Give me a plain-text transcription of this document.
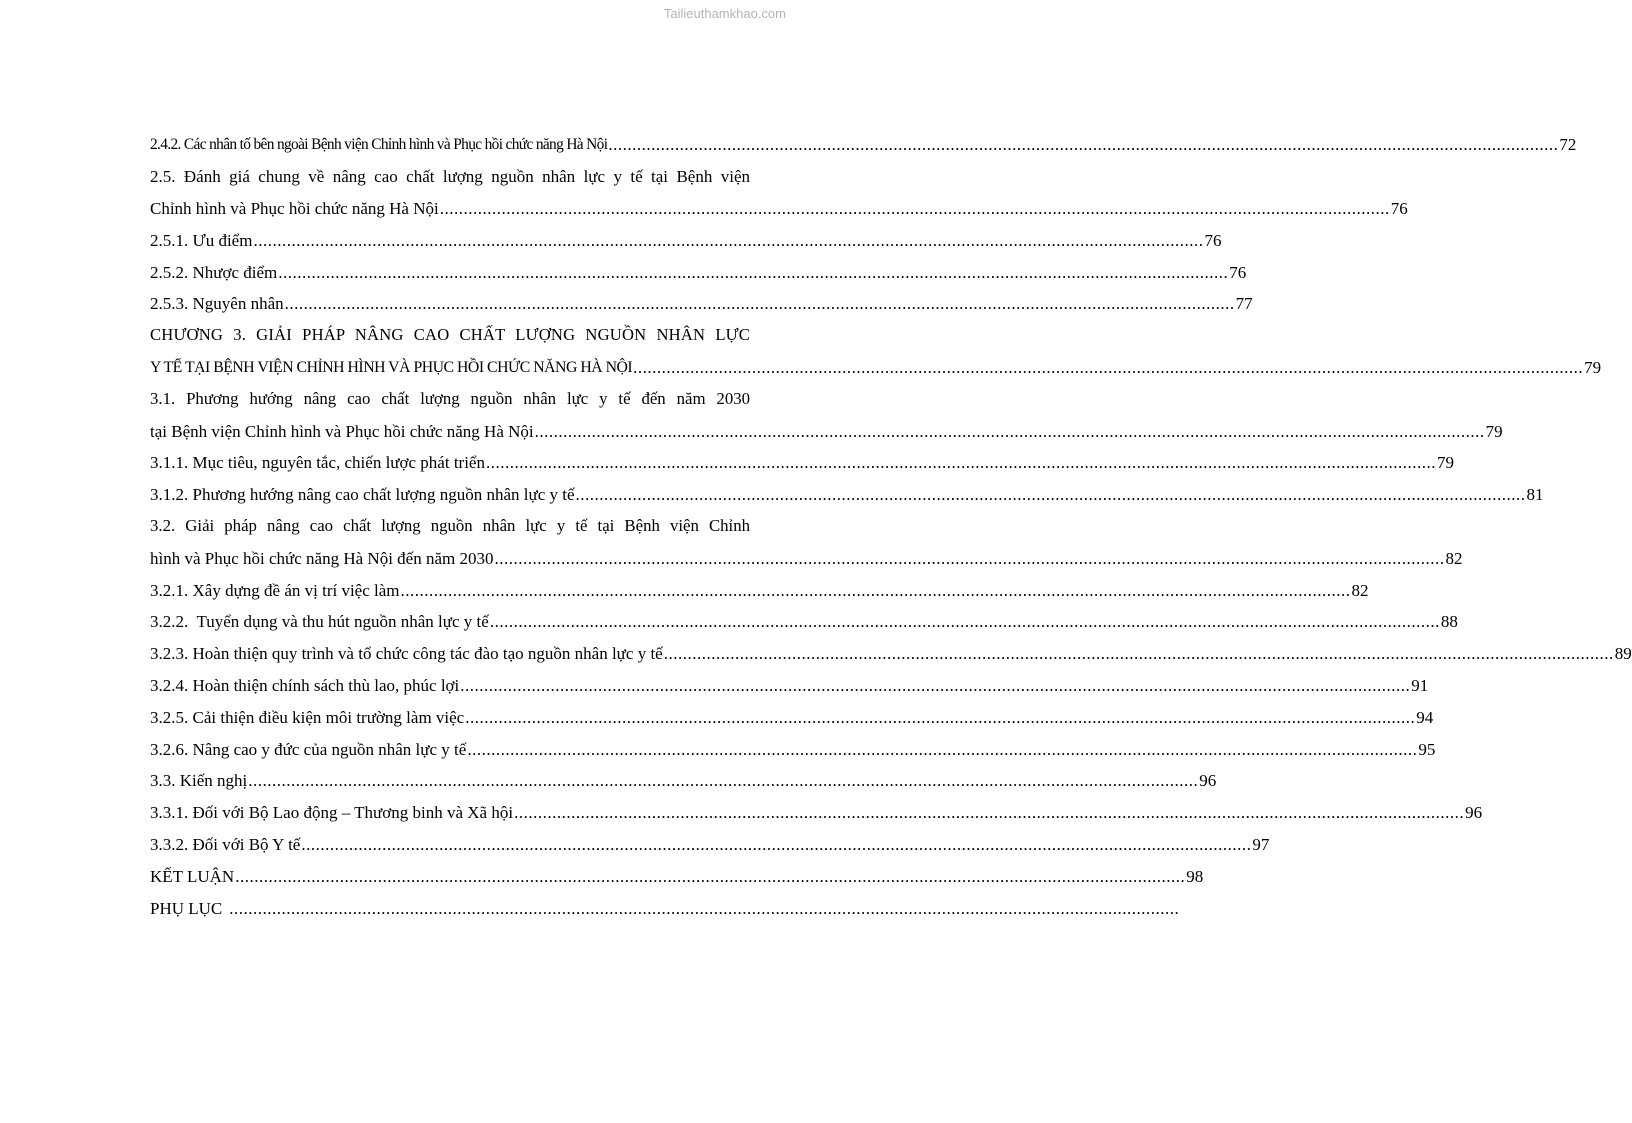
Tailieuthamkhao.com
2.4.2. Các nhân tố bên ngoài Bệnh viện Chỉnh hình và Phục hồi chức năng Hà Nội ........................................................................................................................................................................................................ 72
2.5. Đánh giá chung về nâng cao chất lượng nguồn nhân lực y tế tại Bệnh viện
Chỉnh hình và Phục hồi chức năng Hà Nội ........................................................................................................................................................................................................ 76
2.5.1. Ưu điểm ........................................................................................................................................................................................................ 76
2.5.2. Nhược điểm ........................................................................................................................................................................................................ 76
2.5.3. Nguyên nhân ........................................................................................................................................................................................................ 77
CHƯƠNG 3. GIẢI PHÁP NÂNG CAO CHẤT LƯỢNG NGUỒN NHÂN LỰC
Y TẾ TẠI BỆNH VIỆN CHỈNH HÌNH VÀ PHỤC HỒI CHỨC NĂNG HÀ NỘI ........................................................................................................................................................................................................ 79
3.1. Phương hướng nâng cao chất lượng nguồn nhân lực y tế đến năm 2030
tại Bệnh viện Chỉnh hình và Phục hồi chức năng Hà Nội ........................................................................................................................................................................................................ 79
3.1.1. Mục tiêu, nguyên tắc, chiến lược phát triển ........................................................................................................................................................................................................ 79
3.1.2. Phương hướng nâng cao chất lượng nguồn nhân lực y tế ........................................................................................................................................................................................................ 81
3.2. Giải pháp nâng cao chất lượng nguồn nhân lực y tế tại Bệnh viện Chỉnh
hình và Phục hồi chức năng Hà Nội đến năm 2030 ........................................................................................................................................................................................................ 82
3.2.1. Xây dựng đề án vị trí việc làm ........................................................................................................................................................................................................ 82
3.2.2.  Tuyển dụng và thu hút nguồn nhân lực y tế ........................................................................................................................................................................................................ 88
3.2.3. Hoàn thiện quy trình và tổ chức công tác đào tạo nguồn nhân lực y tế ........................................................................................................................................................................................................ 89
3.2.4. Hoàn thiện chính sách thù lao, phúc lợi ........................................................................................................................................................................................................ 91
3.2.5. Cải thiện điều kiện môi trường làm việc ........................................................................................................................................................................................................ 94
3.2.6. Nâng cao y đức của nguồn nhân lực y tế ........................................................................................................................................................................................................ 95
3.3. Kiến nghị ........................................................................................................................................................................................................ 96
3.3.1. Đối với Bộ Lao động – Thương binh và Xã hội ........................................................................................................................................................................................................ 96
3.3.2. Đối với Bộ Y tế ........................................................................................................................................................................................................ 97
KẾT LUẬN ........................................................................................................................................................................................................ 98
PHỤ LỤC ........................................................................................................................................................................................................
